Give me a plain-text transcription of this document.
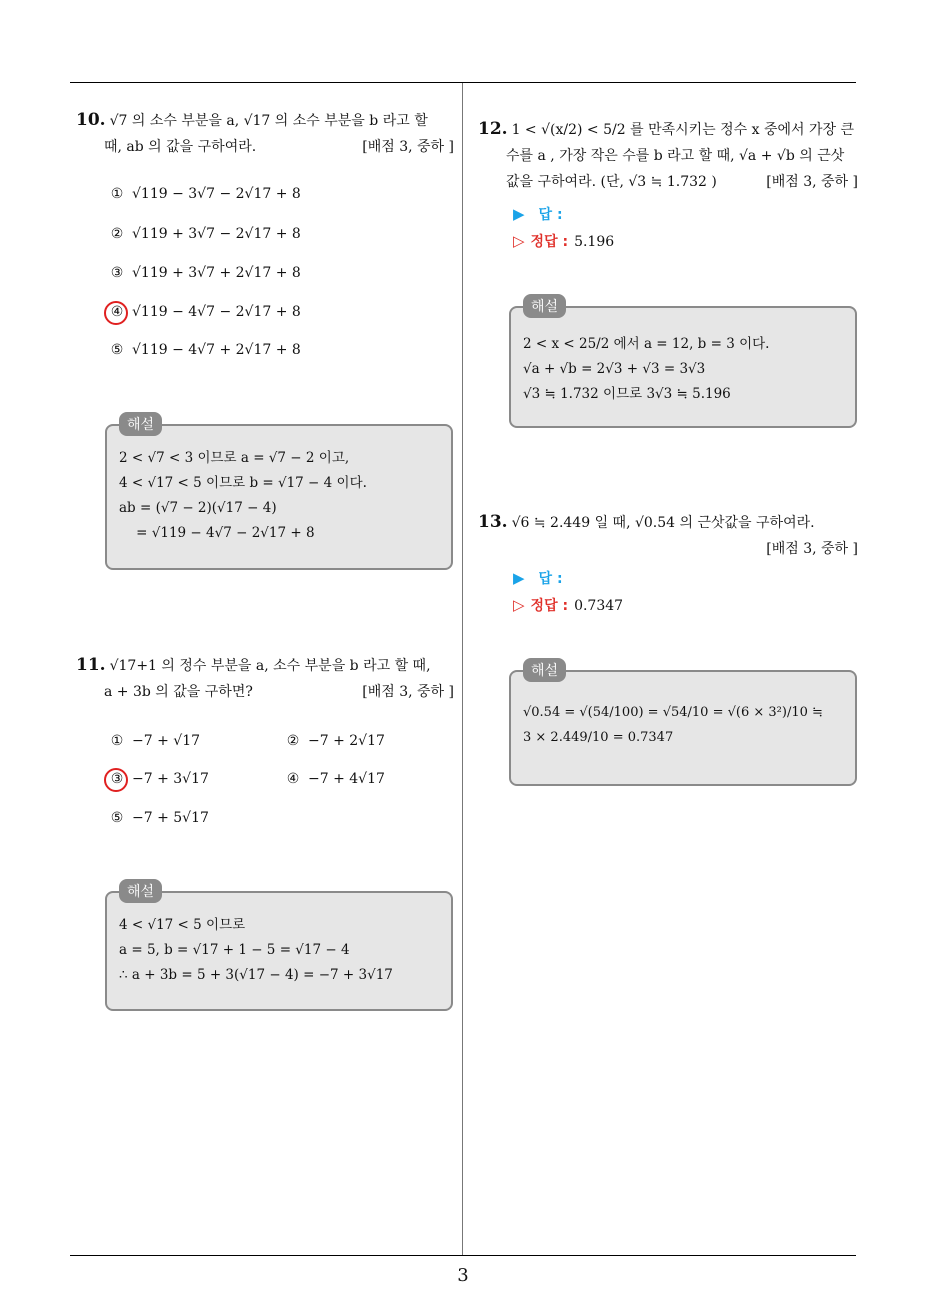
3
10. √7 의 소수 부분을 a, √17 의 소수 부분을 b 라고 할
때, ab 의 값을 구하여라.	[배점 3, 중하 ]
① √119 − 3√7 − 2√17 + 8
② √119 + 3√7 − 2√17 + 8
③ √119 + 3√7 + 2√17 + 8
④ √119 − 4√7 − 2√17 + 8
⑤ √119 − 4√7 + 2√17 + 8
해설
2 < √7 < 3 이므로 a = √7 − 2 이고,
4 < √17 < 5 이므로 b = √17 − 4 이다.
ab = (√7 − 2)(√17 − 4)
= √119 − 4√7 − 2√17 + 8
11. √17+1 의 정수 부분을 a, 소수 부분을 b 라고 할 때,
a + 3b 의 값을 구하면?	[배점 3, 중하 ]
① −7 + √17	② −7 + 2√17
③ −7 + 3√17	④ −7 + 4√17
⑤ −7 + 5√17
해설
4 < √17 < 5 이므로
a = 5, b = √17 + 1 − 5 = √17 − 4
∴ a + 3b = 5 + 3(√17 − 4) = −7 + 3√17
12. 1 < √(x/2) < 5/2 를 만족시키는 정수 x 중에서 가장 큰
수를 a , 가장 작은 수를 b 라고 할 때, √a + √b 의 근삿
값을 구하여라. (단, √3 ≒ 1.732 )	[배점 3, 중하 ]
▶ 답 :
▷ 정답 : 5.196
해설
2 < x < 25/2 에서 a = 12, b = 3 이다.
√a + √b = 2√3 + √3 = 3√3
√3 ≒ 1.732 이므로 3√3 ≒ 5.196
13. √6 ≒ 2.449 일 때, √0.54 의 근삿값을 구하여라.
[배점 3, 중하 ]
▶ 답 :
▷ 정답 : 0.7347
해설
√0.54 = √(54/100) = √54/10 = √(6 × 3²)/10 ≒
3 × 2.449/10 = 0.7347
